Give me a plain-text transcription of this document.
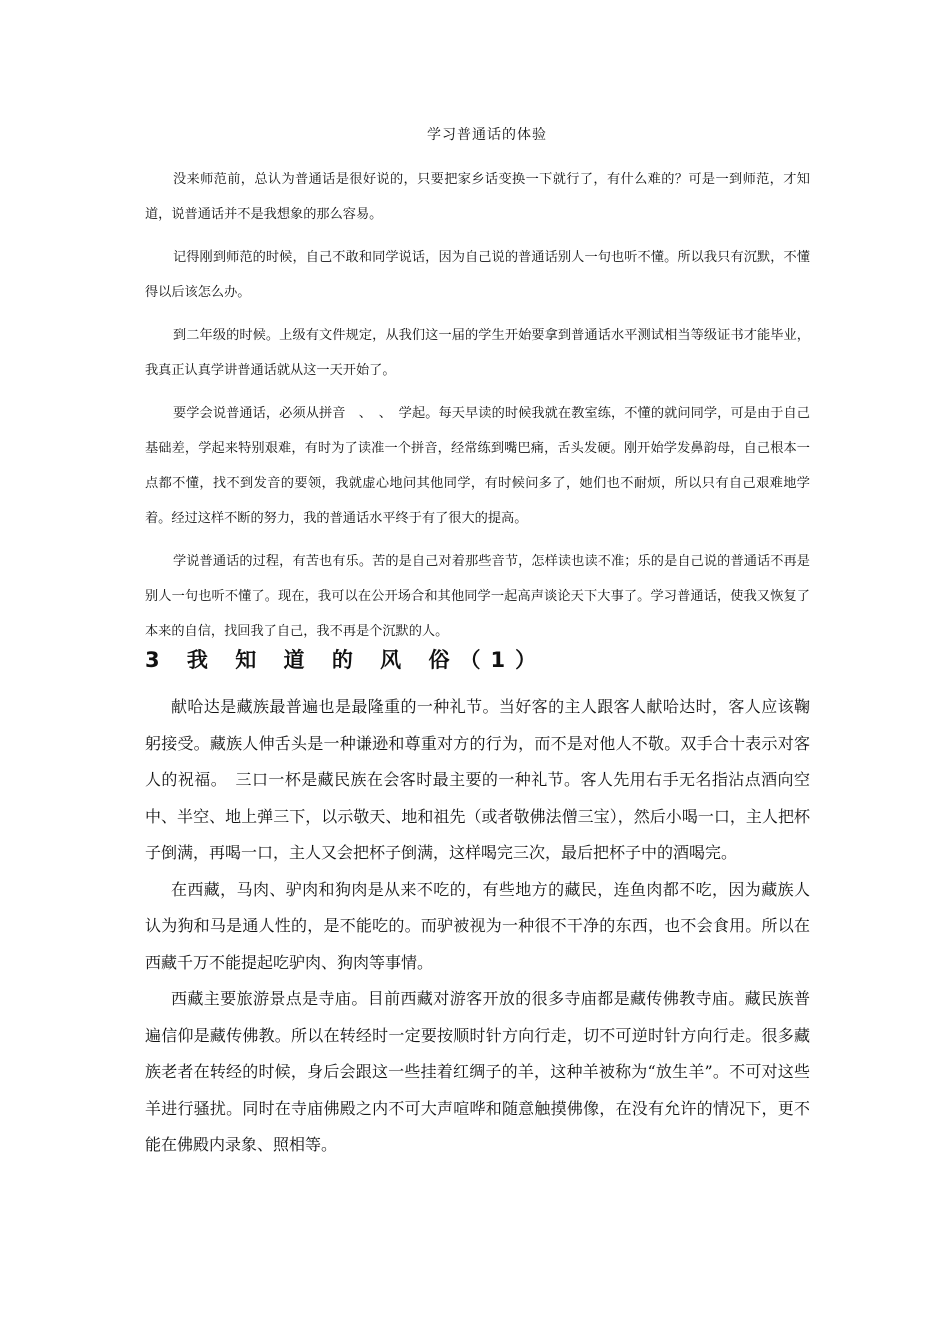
学习普通话的体验

没来师范前，总认为普通话是很好说的，只要把家乡话变换一下就行了，有什么难的？可是一到师范，才知道，说普通话并不是我想象的那么容易。

记得刚到师范的时候，自己不敢和同学说话，因为自己说的普通话别人一句也听不懂。所以我只有沉默，不懂得以后该怎么办。

到二年级的时候。上级有文件规定，从我们这一届的学生开始要拿到普通话水平测试相当等级证书才能毕业，我真正认真学讲普通话就从这一天开始了。

要学会说普通话，必须从拼音　、　、　学起。每天早读的时候我就在教室练，不懂的就问同学，可是由于自己基础差，学起来特别艰难，有时为了读准一个拼音，经常练到嘴巴痛，舌头发硬。刚开始学发鼻韵母，自己根本一点都不懂，找不到发音的要领，我就虚心地问其他同学，有时候问多了，她们也不耐烦，所以只有自己艰难地学着。经过这样不断的努力，我的普通话水平终于有了很大的提高。

学说普通话的过程，有苦也有乐。苦的是自己对着那些音节，怎样读也读不准；乐的是自己说的普通话不再是别人一句也听不懂了。现在，我可以在公开场合和其他同学一起高声谈论天下大事了。学习普通话，使我又恢复了本来的自信，找回我了自己，我不再是个沉默的人。

3 我 知 道 的 风 俗（1）

献哈达是藏族最普遍也是最隆重的一种礼节。当好客的主人跟客人献哈达时，客人应该鞠躬接受。藏族人伸舌头是一种谦逊和尊重对方的行为，而不是对他人不敬。双手合十表示对客人的祝福。　三口一杯是藏民族在会客时最主要的一种礼节。客人先用右手无名指沾点酒向空中、半空、地上弹三下，以示敬天、地和祖先（或者敬佛法僧三宝），然后小喝一口，主人把杯子倒满，再喝一口，主人又会把杯子倒满，这样喝完三次，最后把杯子中的酒喝完。

在西藏，马肉、驴肉和狗肉是从来不吃的，有些地方的藏民，连鱼肉都不吃，因为藏族人认为狗和马是通人性的，是不能吃的。而驴被视为一种很不干净的东西，也不会食用。所以在西藏千万不能提起吃驴肉、狗肉等事情。

西藏主要旅游景点是寺庙。目前西藏对游客开放的很多寺庙都是藏传佛教寺庙。藏民族普遍信仰是藏传佛教。所以在转经时一定要按顺时针方向行走，切不可逆时针方向行走。很多藏族老者在转经的时候，身后会跟这一些挂着红绸子的羊，这种羊被称为“放生羊”。不可对这些羊进行骚扰。同时在寺庙佛殿之内不可大声喧哗和随意触摸佛像，在没有允许的情况下，更不能在佛殿内录象、照相等。
